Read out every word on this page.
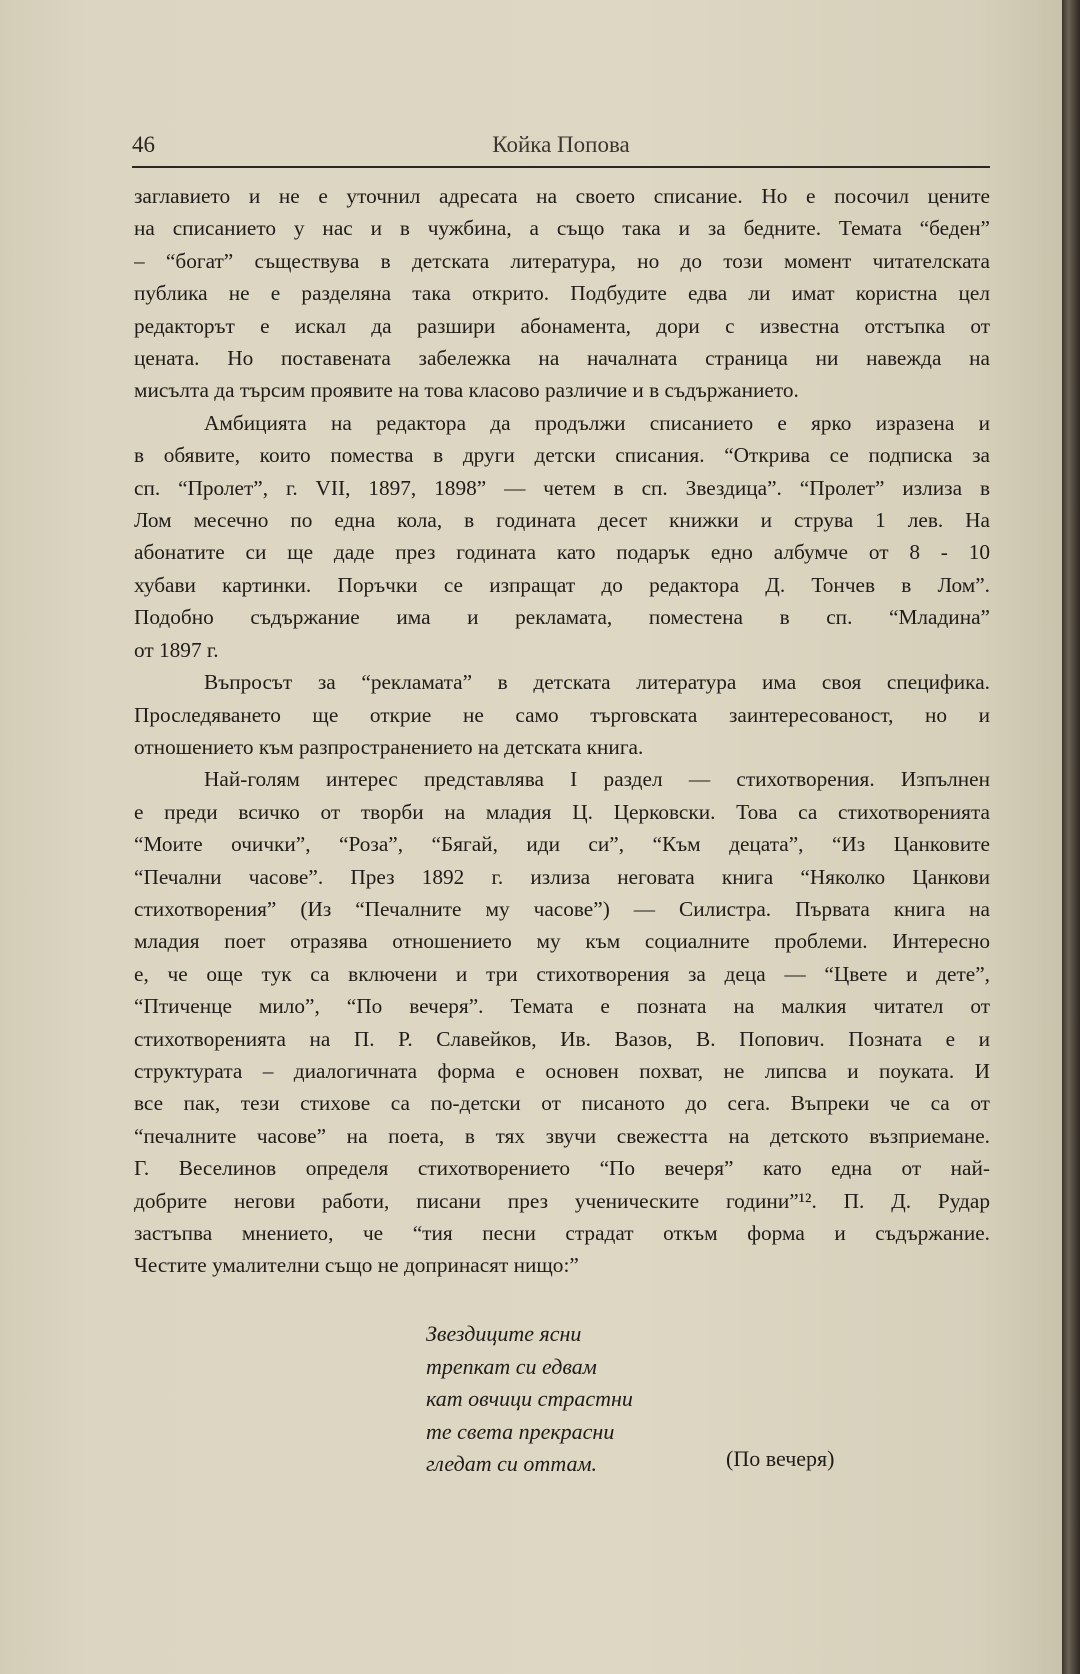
46	Койка Попова

заглавието и не е уточнил адресата на своето списание. Но е посочил цените
на списанието у нас и в чужбина, а също така и за бедните. Темата “беден”
– “богат” съществува в детската литература, но до този момент читателската
публика не е разделяна така открито. Подбудите едва ли имат користна цел
редакторът е искал да разшири абонамента, дори с известна отстъпка от
цената. Но поставената забележка на началната страница ни навежда на
мисълта да търсим проявите на това класово различие и в съдържанието.

Амбицията на редактора да продължи списанието е ярко изразена и
в обявите, които помества в други детски списания. “Открива се подписка за
сп. “Пролет”, г. VII, 1897, 1898” — четем в сп. Звездица”. “Пролет” излиза в
Лом месечно по една кола, в годината десет книжки и струва 1 лев. На
абонатите си ще даде през годината като подарък едно албумче от 8 - 10
хубави картинки. Поръчки се изпращат до редактора Д. Тончев в Лом”.
Подобно съдържание има и рекламата, поместена в сп. “Младина”
от 1897 г.

Въпросът за “рекламата” в детската литература има своя специфика.
Проследяването ще открие не само търговската заинтересованост, но и
отношението към разпространението на детската книга.

Най-голям интерес представлява I раздел — стихотворения. Изпълнен
е преди всичко от творби на младия Ц. Церковски. Това са стихотворенията
“Моите очички”, “Роза”, “Бягай, иди си”, “Към децата”, “Из Цанковите
“Печални часове”. През 1892 г. излиза неговата книга “Няколко Цанкови
стихотворения” (Из “Печалните му часове”) — Силистра. Първата книга на
младия поет отразява отношението му към социалните проблеми. Интересно
е, че още тук са включени и три стихотворения за деца — “Цвете и дете”,
“Птиченце мило”, “По вечеря”. Темата е позната на малкия читател от
стихотворенията на П. Р. Славейков, Ив. Вазов, В. Попович. Позната е и
структурата – диалогичната форма е основен похват, не липсва и поуката. И
все пак, тези стихове са по-детски от писаното до сега. Въпреки че са от
“печалните часове” на поета, в тях звучи свежестта на детското възприемане.
Г. Веселинов определя стихотворението “По вечеря” като една от най-
добрите негови работи, писани през ученическите години”¹². П. Д. Рудар
застъпва мнението, че “тия песни страдат откъм форма и съдържание.
Честите умалителни също не допринасят нищо:”

Звездиците ясни
трепкат си едвам
кат овчици страстни
те света прекрасни
гледат си оттам.	(По вечеря)
